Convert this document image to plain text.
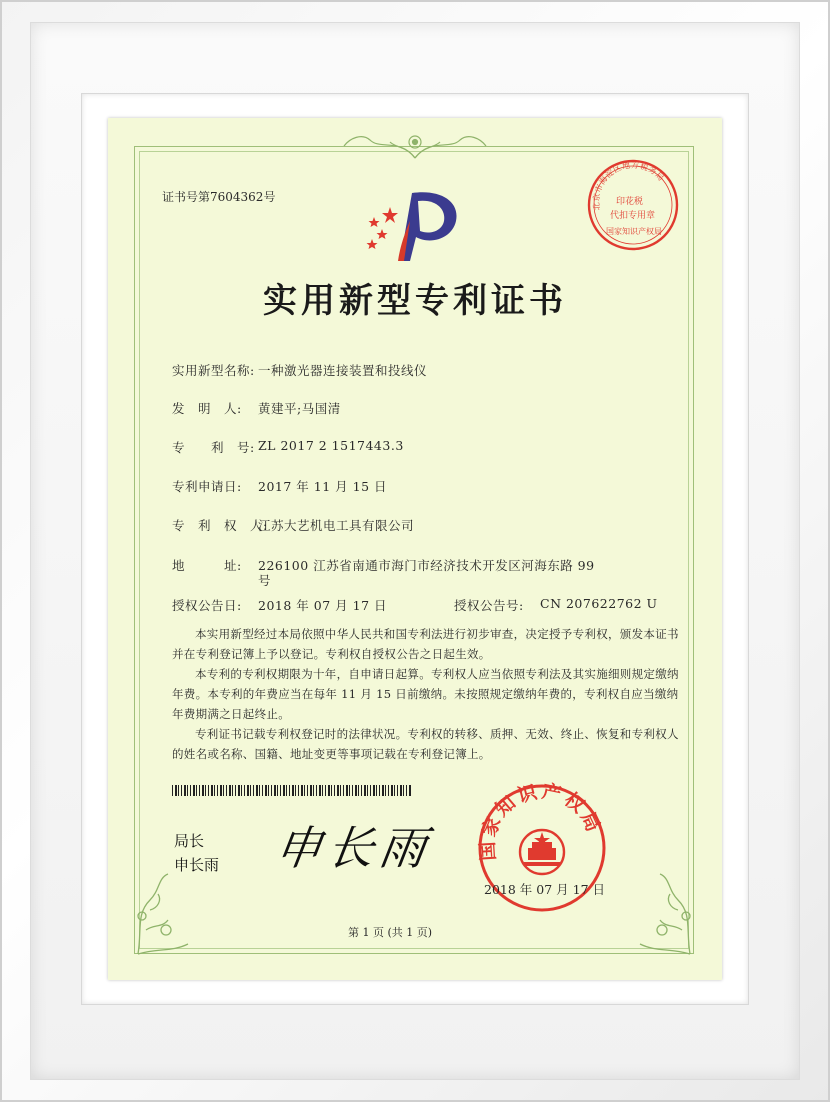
证书号第7604362号
北京市海淀区地方税务局
印花税
代扣专用章
国家知识产权局
实用新型专利证书
实用新型名称: 一种激光器连接装置和投线仪
发　明　人: 黄建平;马国清
专　　利　号: ZL 2017 2 1517443.3
专利申请日: 2017 年 11 月 15 日
专　利　权　人:
江苏大艺机电工具有限公司
地　　　址: 226100 江苏省南通市海门市经济技术开发区河海东路 99
号
授权公告日: 2018 年 07 月 17 日	授权公告号: CN 207622762 U
本实用新型经过本局依照中华人民共和国专利法进行初步审查，决定授予专利权，颁发本证书并在专利登记簿上予以登记。专利权自授权公告之日起生效。
本专利的专利权期限为十年，自申请日起算。专利权人应当依照专利法及其实施细则规定缴纳年费。本专利的年费应当在每年 11 月 15 日前缴纳。未按照规定缴纳年费的，专利权自应当缴纳年费期满之日起终止。
专利证书记载专利权登记时的法律状况。专利权的转移、质押、无效、终止、恢复和专利权人的姓名或名称、国籍、地址变更等事项记载在专利登记簿上。
局长
申长雨 申长雨 国家知识产权局
2018 年 07 月 17 日
第 1 页 (共 1 页)
